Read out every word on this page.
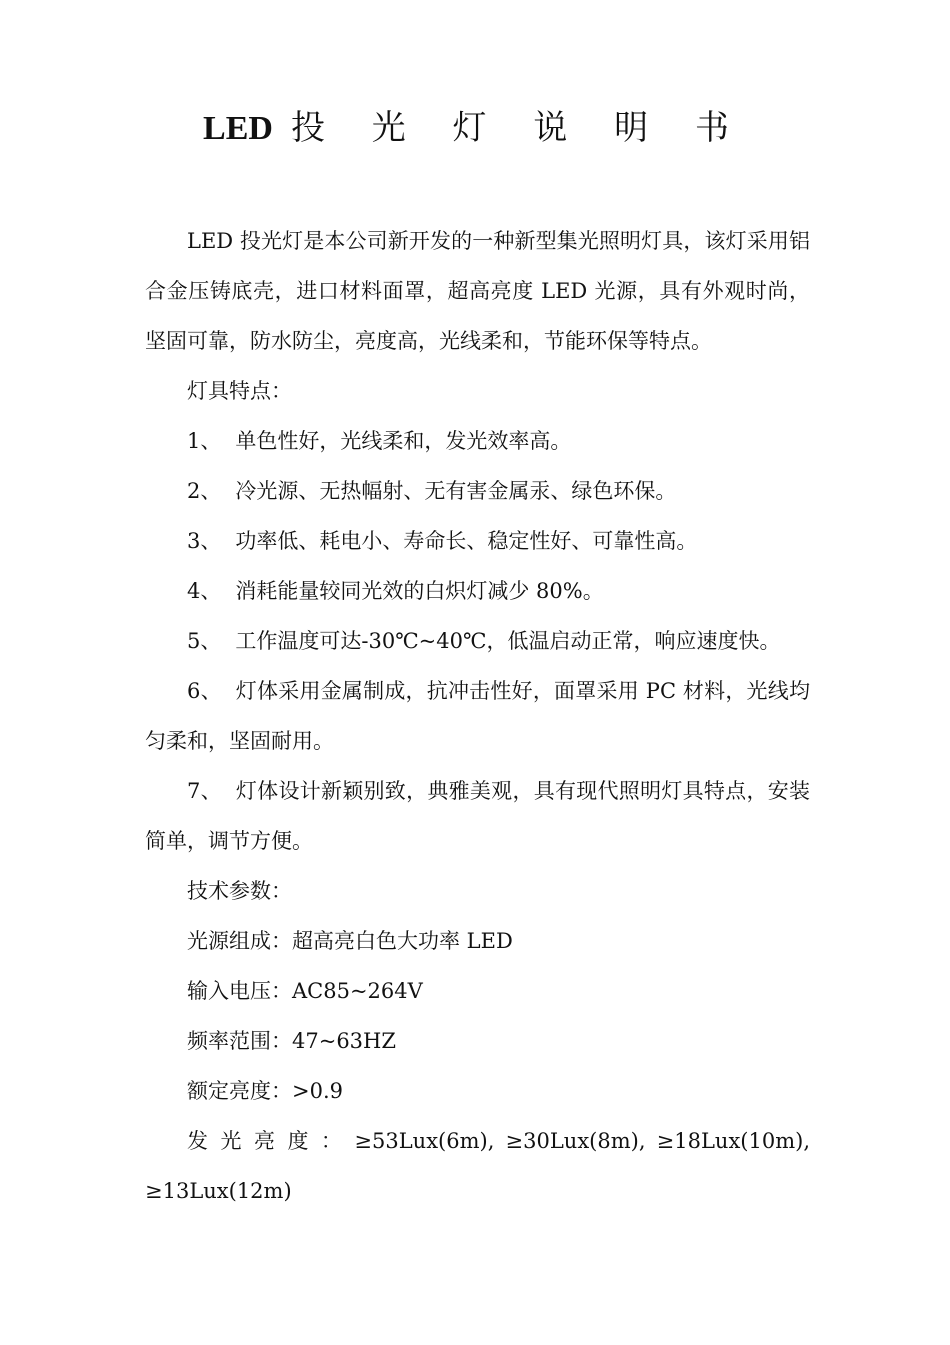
LED 投 光 灯 说 明 书

LED 投光灯是本公司新开发的一种新型集光照明灯具，该灯采用铝合金压铸底壳，进口材料面罩，超高亮度 LED 光源，具有外观时尚，坚固可靠，防水防尘，亮度高，光线柔和，节能环保等特点。

灯具特点：

1、 单色性好，光线柔和，发光效率高。

2、 冷光源、无热幅射、无有害金属汞、绿色环保。

3、 功率低、耗电小、寿命长、稳定性好、可靠性高。

4、 消耗能量较同光效的白炽灯减少 80%。

5、 工作温度可达-30℃~40℃，低温启动正常，响应速度快。

6、 灯体采用金属制成，抗冲击性好，面罩采用 PC 材料，光线均匀柔和，坚固耐用。

7、 灯体设计新颖别致，典雅美观，具有现代照明灯具特点，安装简单，调节方便。

技术参数：

光源组成：超高亮白色大功率 LED

输入电压：AC85~264V

频率范围：47~63HZ

额定亮度：>0.9

发光亮度：≥53Lux(6m), ≥30Lux(8m), ≥18Lux(10m), ≥13Lux(12m)
